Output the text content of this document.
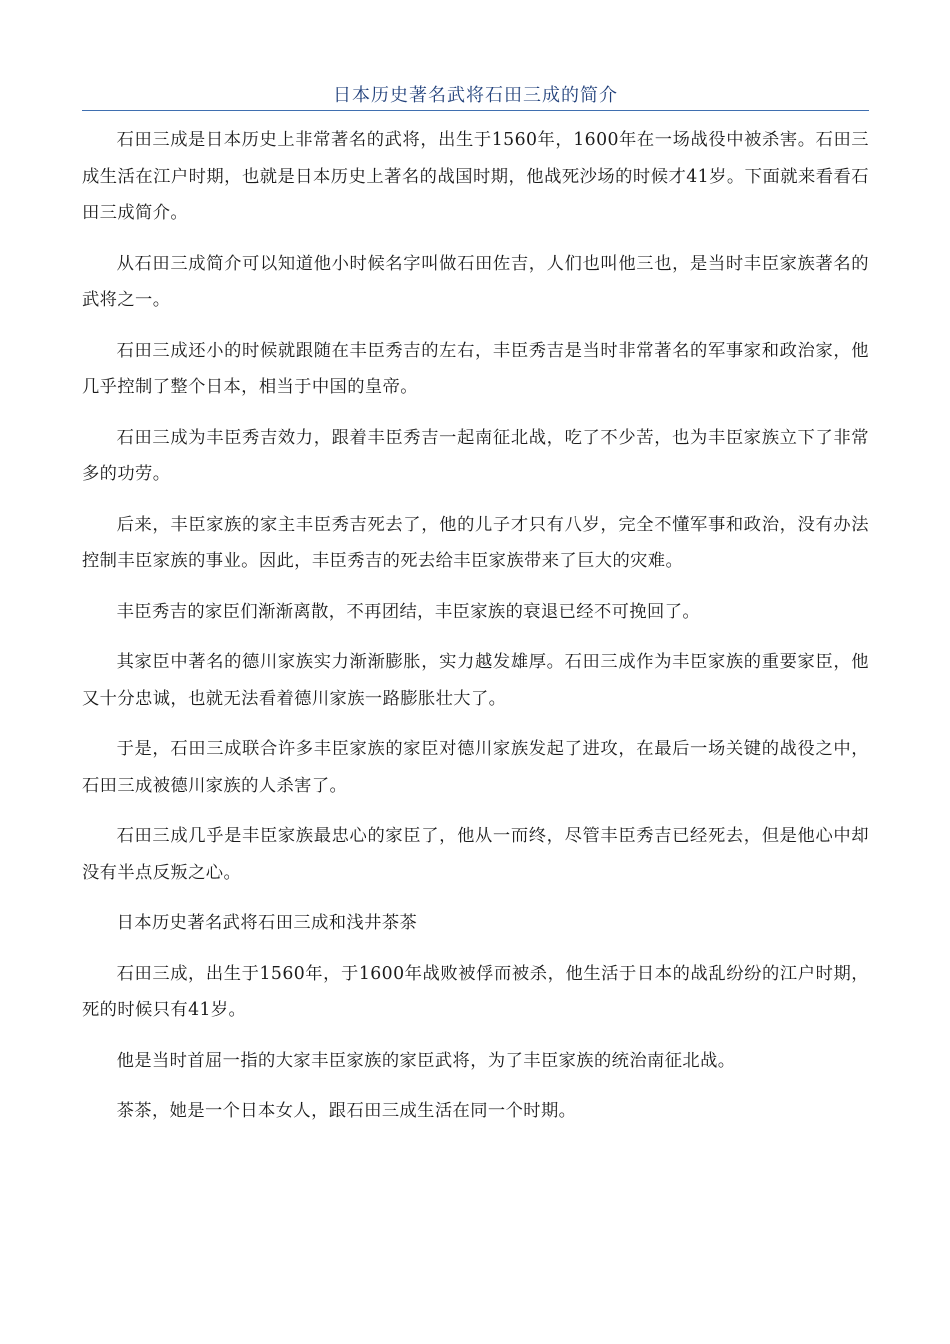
日本历史著名武将石田三成的简介

石田三成是日本历史上非常著名的武将，出生于1560年，1600年在一场战役中被杀害。石田三成生活在江户时期，也就是日本历史上著名的战国时期，他战死沙场的时候才41岁。下面就来看看石田三成简介。

从石田三成简介可以知道他小时候名字叫做石田佐吉，人们也叫他三也，是当时丰臣家族著名的武将之一。

石田三成还小的时候就跟随在丰臣秀吉的左右，丰臣秀吉是当时非常著名的军事家和政治家，他几乎控制了整个日本，相当于中国的皇帝。

石田三成为丰臣秀吉效力，跟着丰臣秀吉一起南征北战，吃了不少苦，也为丰臣家族立下了非常多的功劳。

后来，丰臣家族的家主丰臣秀吉死去了，他的儿子才只有八岁，完全不懂军事和政治，没有办法控制丰臣家族的事业。因此，丰臣秀吉的死去给丰臣家族带来了巨大的灾难。

丰臣秀吉的家臣们渐渐离散，不再团结，丰臣家族的衰退已经不可挽回了。

其家臣中著名的德川家族实力渐渐膨胀，实力越发雄厚。石田三成作为丰臣家族的重要家臣，他又十分忠诚，也就无法看着德川家族一路膨胀壮大了。

于是，石田三成联合许多丰臣家族的家臣对德川家族发起了进攻，在最后一场关键的战役之中，石田三成被德川家族的人杀害了。

石田三成几乎是丰臣家族最忠心的家臣了，他从一而终，尽管丰臣秀吉已经死去，但是他心中却没有半点反叛之心。

日本历史著名武将石田三成和浅井茶茶

石田三成，出生于1560年，于1600年战败被俘而被杀，他生活于日本的战乱纷纷的江户时期，死的时候只有41岁。

他是当时首屈一指的大家丰臣家族的家臣武将，为了丰臣家族的统治南征北战。

茶茶，她是一个日本女人，跟石田三成生活在同一个时期。
